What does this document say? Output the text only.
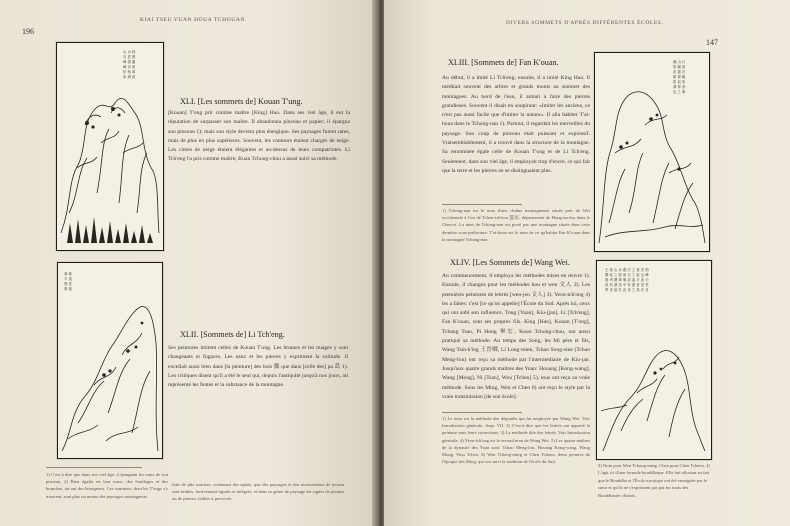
196
KIAI TSEU YUAN HOUA TCHOUAN.
山 水 林
石 雲 烟
峰 巒 疊
嶂 谷 深
松 柏 翠
泉 流 清
寒 林
平 遠
烟 雲
峯 巒
XLI. [Les sommets de] Kouan T'ung.
[Kouan] T'ong prit comme maître [King] Hao. Dans ses viel âge, il eut la réputation de surpasser son maître. Il abandonna pinceau et papier; il épargna son pinceau 1); mais son style devient plus énergique. Ses paysages furent rares, mais de plus en plus sapérieurs. Souvent, les contours étaient chargés de neige. Les cimes de neige étaient élégantes et au-dessus de leurs compatriotes. Li Tch'eng l'a pris comme maître; Kuan Tchong-chou a aussi suivi sa méthode.
XLII. [Sommets de] Li Tch'eng.
Ses peintures imitent celles de Kouan T'ong. Les brumes et les nuages y sont changeants et fugaces. Les eaux et les pierres y expriment la solitude. Il excellait aussi bien dans [la peinture] des bois 騰 que dans [celle des] pa 葛 1). Les critiques disent qu'il a été le seul qui, depuis l'antiquité jusqu'à nos jours, ait représenté les fentes et la substance de la montagne.
1) C'est à dire que dans son viel âge, il épargnait les traits de son pinceau. 2) Bien égalés en leur tronc, des feuillages et des branches, on ont des bourgeons. Ces sommets, dont les T'ongs s'y trouvent, sont plus ou moins des paysages montagneux.
faits de plis sourires, contenant des aplats, que des paysages et des mouvements de terrain sont faibles, furtivement figurés et intégrés, et dans ce genre de paysage les signes de plaines ou de pierres, faibles à percevoir.
DIVERS SOMMETS D'APRÈS DIFFÉRENTES ÉCOLES.
147
XLIII. [Sommets de] Fan K'ouan.
Au début, il a imité Li Tch'eng; ensuite, il a imité King Hao. Il méditait souvent des arbres et grands monts au sommet des montagnes. Au bord de l'eau, il aimait à faire des pierres grandioses. Souvent il disait en soupirant: «Imiter les anciens, ce n'est pas aussi facile que d'imiter la nature». Il alla habiter T'ai-houa dans le Tchong-nan 1). Partout, il regardait les merveilles du paysage. Son coup de pinceau était puissant et expressif. Vraisemblablement, il a trouvé dans la structure de la montagne. Sa renommée égale celle de Kouan T'ong et de Li Tch'eng. Seulement, dans son viel âge, il employait trop d'encre, ce qui fait que la terre et les pierres ne se distinguaient plus.
1) Tchong-nan est le nom d'une chaîne montagneuse située près de Wei occidentale à l'est de Tchen-tch'eou 盩厔, département de Hong-an-fou dans le Chen-si. La nom de Tchong-nan est porté par une montagne située dans cette dernière sous-préfecture. T'ai-houa est le nom de ce qu'habita Fan K'ouan dans la montagne Tchong-nan.
XLIV. [Les Sommets de] Wang Wei.
Au commencement, il employa les méthodes mises en œuvre 1). Ensuite, il changea pour les méthodes hou et wen 文人 2). Les premières peintures de lettrés [wen-jen 文人] 3). Yeou-tch'ong 4) les a faites: c'est [ce qu'on appelle] l'École du Sud. Après lui, ceux qui ont subi son influence, Tong [Yuan], Kiu-[jan], Li [Tch'eng], Fan K'ouan, sont ses propres fils. King [Hao], Kouan [T'ong], Tchang Tsao, Pi Hong 畢宏, Kouo Tchong-chou, ont aussi pratiqué sa méthode. Au temps des Song, les Mi père et fils, Wang Tsin-k'ing 王晉卿, Li Long-mien, Tchao Song-siue (Tchao Meng-fou) ont reçu sa méthode par l'intermédiaire de Kiu-jan. Jusqu'aux quatre grands maîtres des Yuan: Houang [Kong-wang], Wang [Mong], Ni [Tsan], Wou [Tchen] 5), tous ont reçu sa vraie méthode. Sous les Ming, Wen et Chen 6) ont reçu le style par la vraie transmission [de son école].
1) Le tissu est la méthode des dégradés qui fut employée par Wang Wei. Voir Introduction générale, chap. VII. 2) C'est-à-dire que les lettrés ont apporté la peinture sans leurs corrections. 3) La méthode dite des lettrés. Voir Introduction générale. 4) Yeou-tch'ong est le second nom de Wang Wei. 5) Les quatre maîtres de la dynastie des Yuan sont: Tchao Meng-fou, Houang Kong-wang, Wang Mong, Wou Tchen. 6) Wen Tcheng-ming et Chen Tcheou, deux peintres de l'époque des Ming, qui ont suivi la tradition de l'école du Sud.
溪 山 行
旅 圖 意
范 寛 法
雄 偉 峻
拔 氣 象
渾 厚 者
也 之 筆
王 維 山 水 畫 法 之 意 雲 烟
變 化 之 妙 南 宗 之 祖 也 峰
巒 秀 潤 筆 墨 清 遠 平 淡 天
真 所 謂 詩 中 有 畫 者 是 矣
學 者 當 於 此 求 之 其 法 自
3) Nom pour Wen Tchong-ming. Chen pour Chen Tcheou. 4) L'agit ici d'une formule bouddhique. Elle fait allusion au fait que le Bouddha et l'École mystique ont été enseignés par le cœur et qu'ils ne s'expriment pas par les mots des Bouddhistes chinois.
